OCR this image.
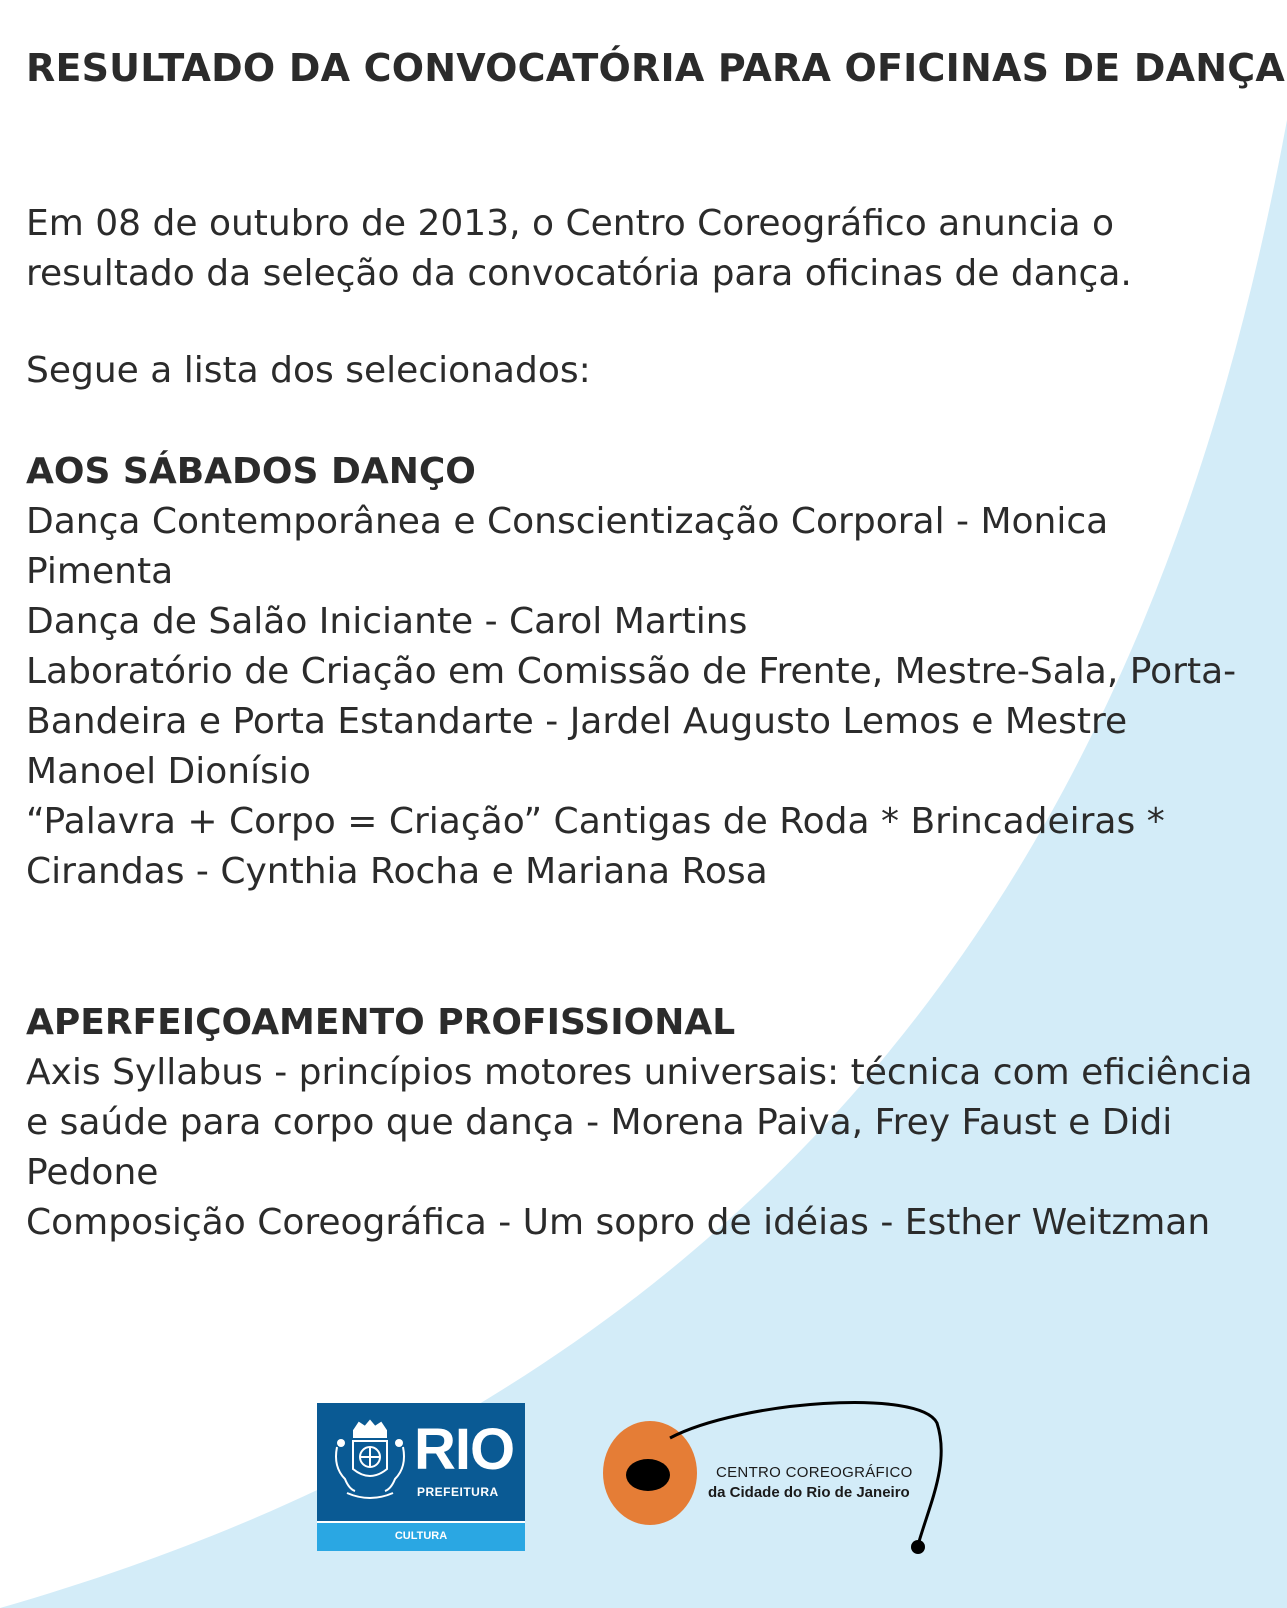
RESULTADO DA CONVOCATÓRIA PARA OFICINAS DE DANÇA

Em 08 de outubro de 2013, o Centro Coreográfico anuncia o resultado da seleção da convocatória para oficinas de dança.

Segue a lista dos selecionados:

AOS SÁBADOS DANÇO

Dança Contemporânea e Conscientização Corporal - Monica Pimenta

Dança de Salão Iniciante - Carol Martins

Laboratório de Criação em Comissão de Frente, Mestre-Sala, Porta-Bandeira e Porta Estandarte - Jardel Augusto Lemos e Mestre Manoel Dionísio

“Palavra + Corpo = Criação” Cantigas de Roda * Brincadeiras * Cirandas - Cynthia Rocha e Mariana Rosa

APERFEIÇOAMENTO PROFISSIONAL

Axis Syllabus - princípios motores universais: técnica com eficiência e saúde para corpo que dança - Morena Paiva, Frey Faust e Didi Pedone

Composição Coreográfica - Um sopro de idéias - Esther Weitzman

RIO
PREFEITURA
CULTURA
CENTRO COREOGRÁFICO
da Cidade do Rio de Janeiro
